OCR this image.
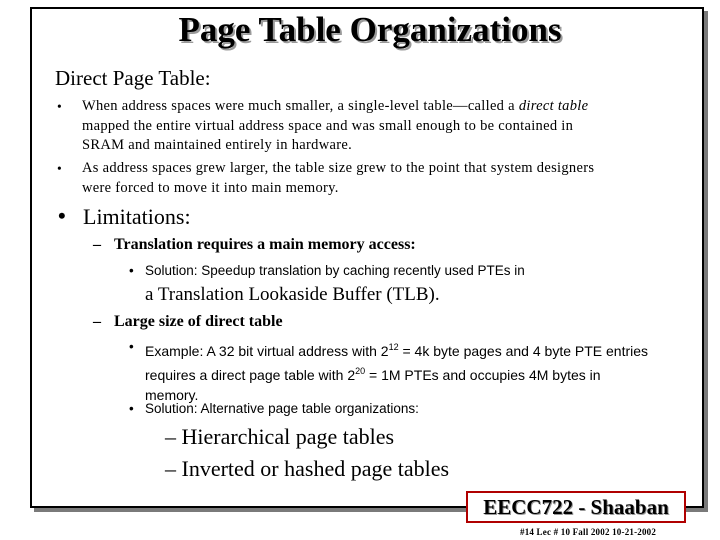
Page Table Organizations
Direct Page Table:
• When address spaces were much smaller, a single-level table—called a direct table
mapped the entire virtual address space and was small enough to be contained in
SRAM and maintained entirely in hardware.
• As address spaces grew larger, the table size grew to the point that system designers
were forced to move it into main memory.
• Limitations:
– Translation requires a main memory access:
• Solution: Speedup translation by caching recently used PTEs in
a Translation Lookaside Buffer (TLB).
– Large size of direct table
• Example: A 32 bit virtual address with $2^{12} = 4k$ byte pages and 4 byte PTE entries
requires a direct page table with $2^{20} = 1M$ PTEs and occupies 4M bytes in
memory.
• Solution: Alternative page table organizations:
– Hierarchical page tables
– Inverted or hashed page tables
EECC722 - Shaaban
#14 Lec # 10 Fall 2002 10-21-2002
